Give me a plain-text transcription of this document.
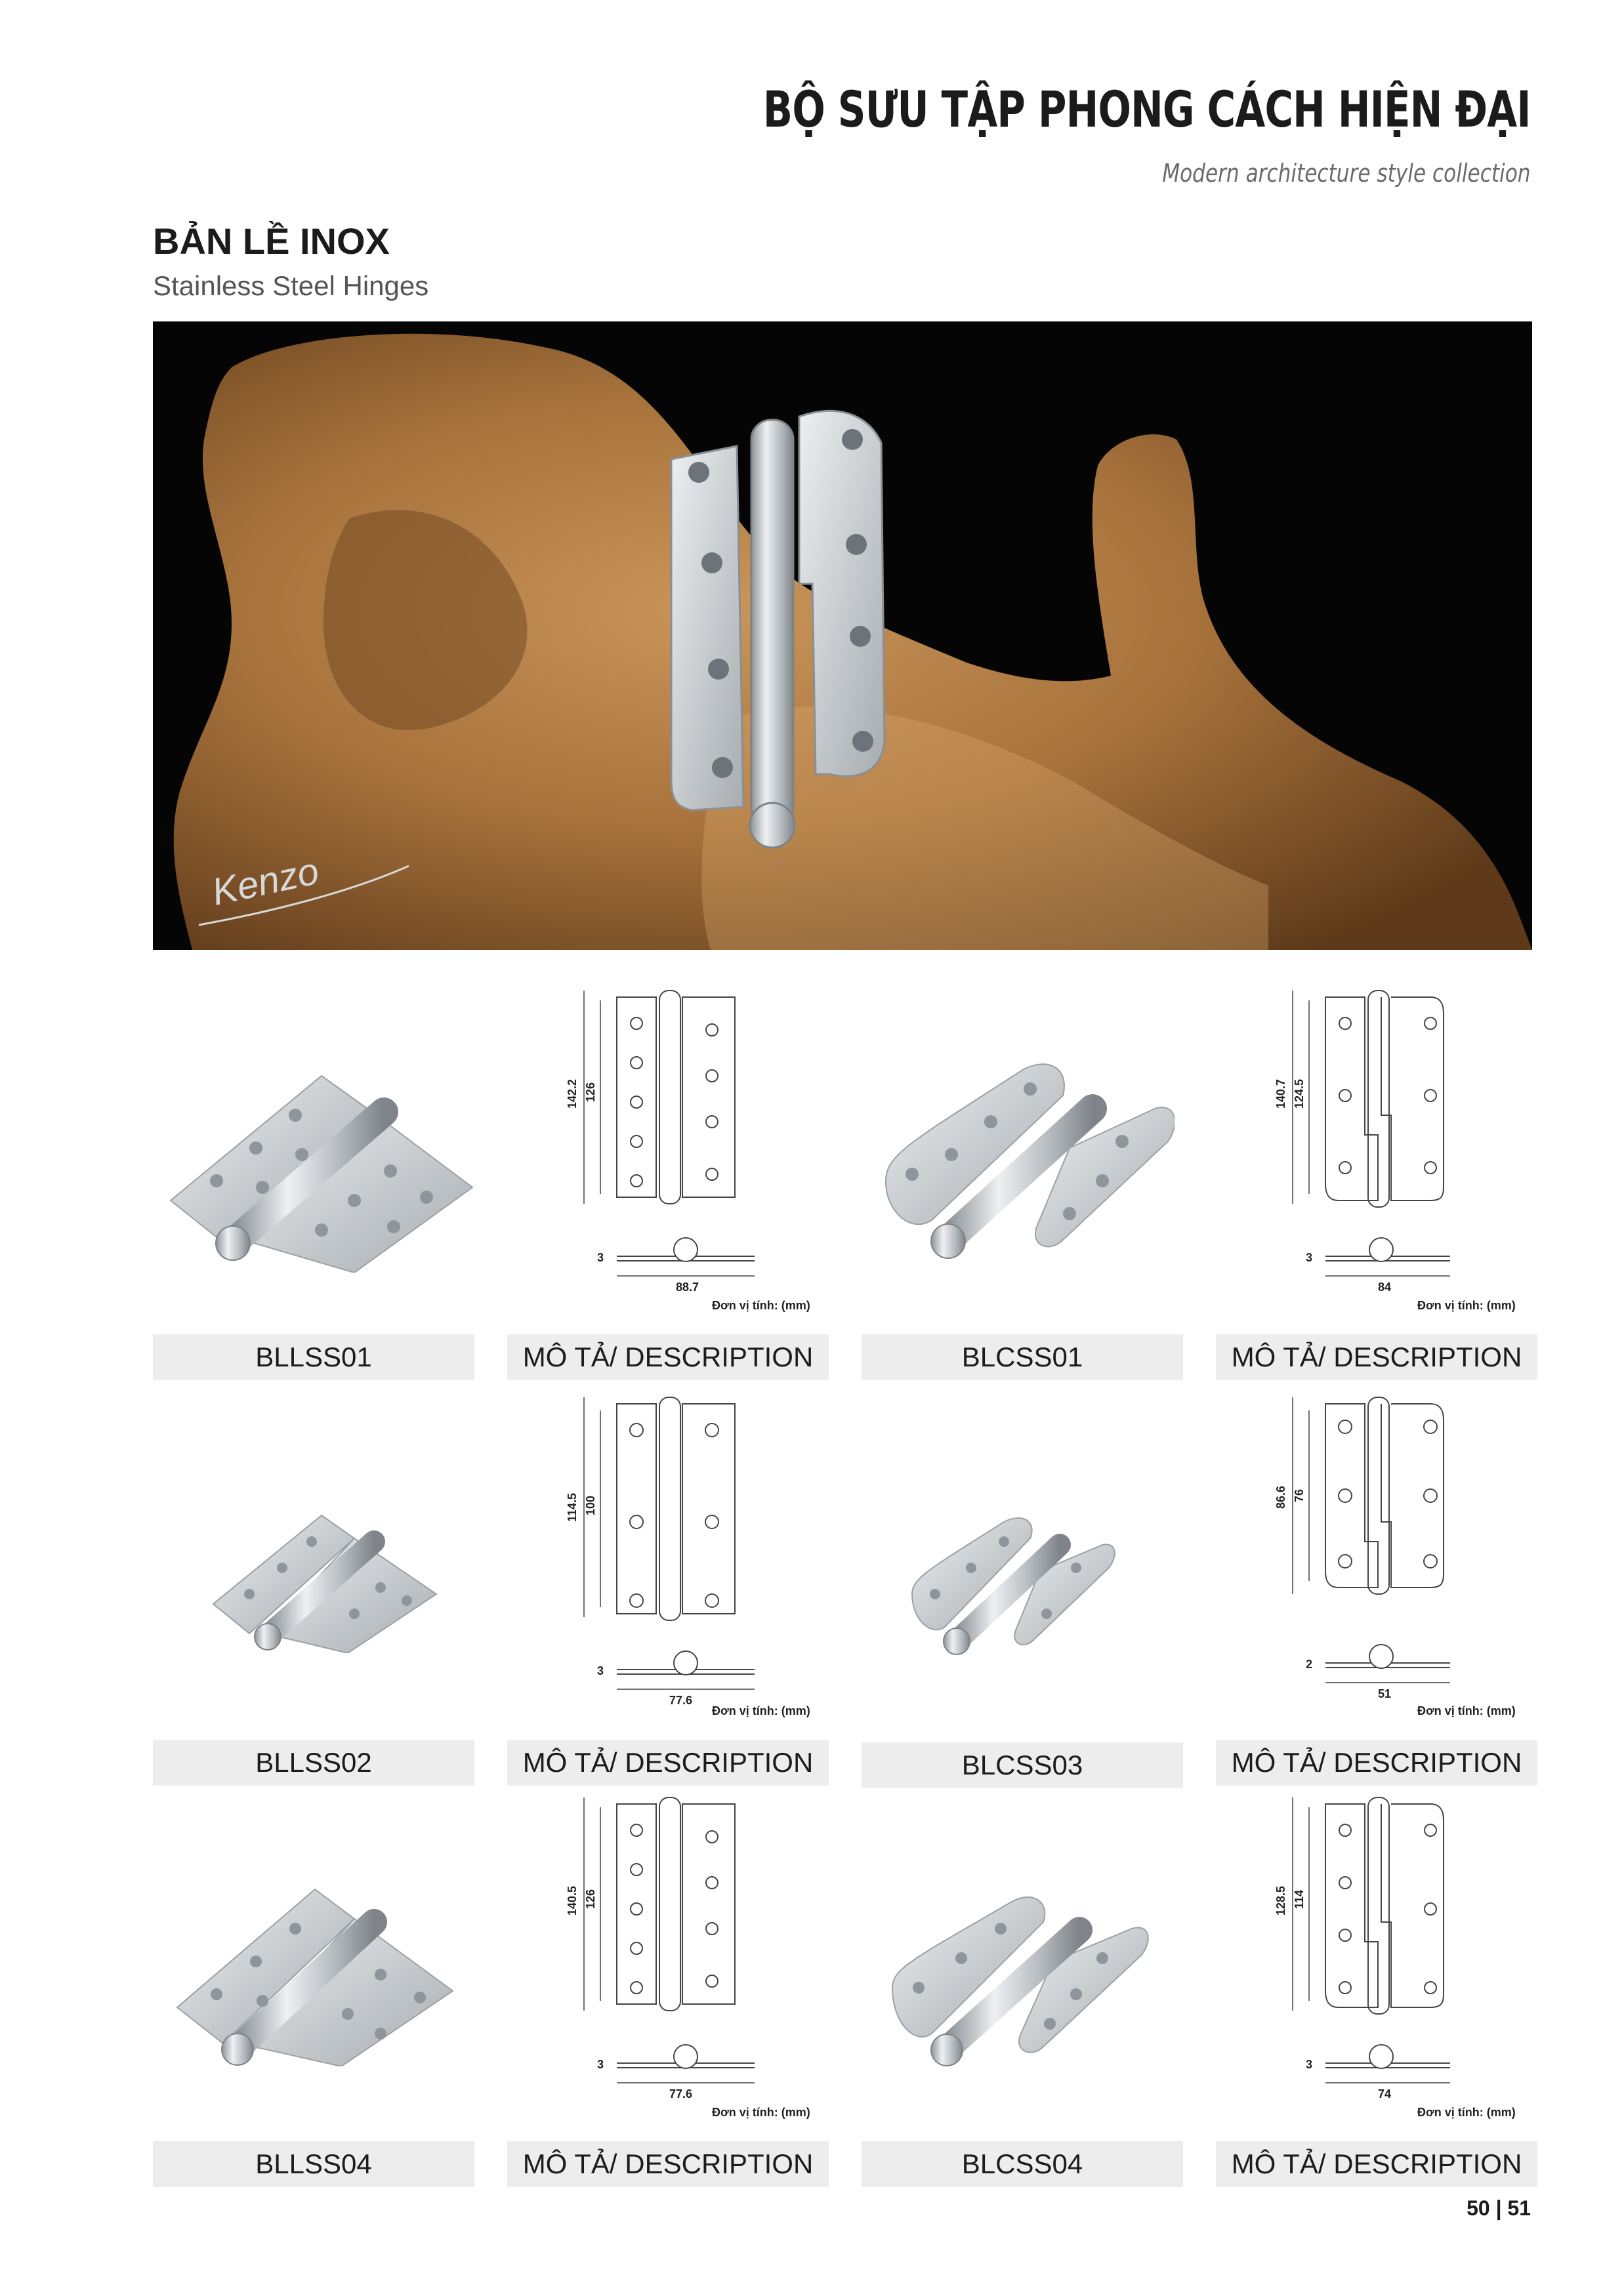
BỘ SƯU TẬP PHONG CÁCH HIỆN ĐẠI
Modern architecture style collection
BẢN LỀ INOX
Stainless Steel Hinges
Kenzo
142.2 126
3
88.7
Đơn vị tính: (mm)
140.7 124.5
3
84
Đơn vị tính: (mm)
BLLSS01	MÔ TẢ/ DESCRIPTION	BLCSS01	MÔ TẢ/ DESCRIPTION
114.5 100
3
77.6
Đơn vị tính: (mm)
86.6 76
2
51
Đơn vị tính: (mm)
BLLSS02	MÔ TẢ/ DESCRIPTION	BLCSS03	MÔ TẢ/ DESCRIPTION
140.5 126
3
77.6
Đơn vị tính: (mm)
128.5 114
3
74
Đơn vị tính: (mm)
BLLSS04	MÔ TẢ/ DESCRIPTION	BLCSS04	MÔ TẢ/ DESCRIPTION
50 | 51
